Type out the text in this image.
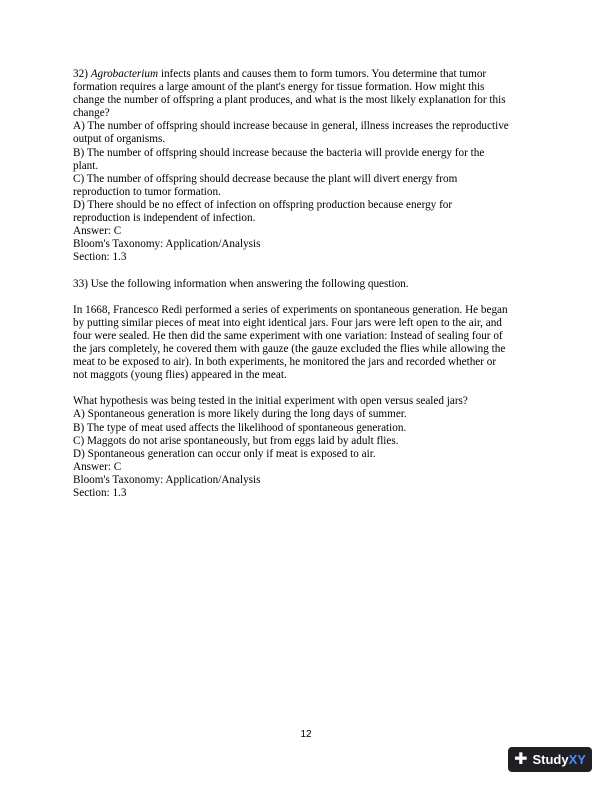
32) Agrobacterium infects plants and causes them to form tumors. You determine that tumor
formation requires a large amount of the plant's energy for tissue formation. How might this
change the number of offspring a plant produces, and what is the most likely explanation for this
change?
A) The number of offspring should increase because in general, illness increases the reproductive
output of organisms.
B) The number of offspring should increase because the bacteria will provide energy for the
plant.
C) The number of offspring should decrease because the plant will divert energy from
reproduction to tumor formation.
D) There should be no effect of infection on offspring production because energy for
reproduction is independent of infection.
Answer: C
Bloom's Taxonomy: Application/Analysis
Section: 1.3
33) Use the following information when answering the following question.
In 1668, Francesco Redi performed a series of experiments on spontaneous generation. He began
by putting similar pieces of meat into eight identical jars. Four jars were left open to the air, and
four were sealed. He then did the same experiment with one variation: Instead of sealing four of
the jars completely, he covered them with gauze (the gauze excluded the flies while allowing the
meat to be exposed to air). In both experiments, he monitored the jars and recorded whether or
not maggots (young flies) appeared in the meat.
What hypothesis was being tested in the initial experiment with open versus sealed jars?
A) Spontaneous generation is more likely during the long days of summer.
B) The type of meat used affects the likelihood of spontaneous generation.
C) Maggots do not arise spontaneously, but from eggs laid by adult flies.
D) Spontaneous generation can occur only if meat is exposed to air.
Answer: C
Bloom's Taxonomy: Application/Analysis
Section: 1.3
12
✚ StudyXY
